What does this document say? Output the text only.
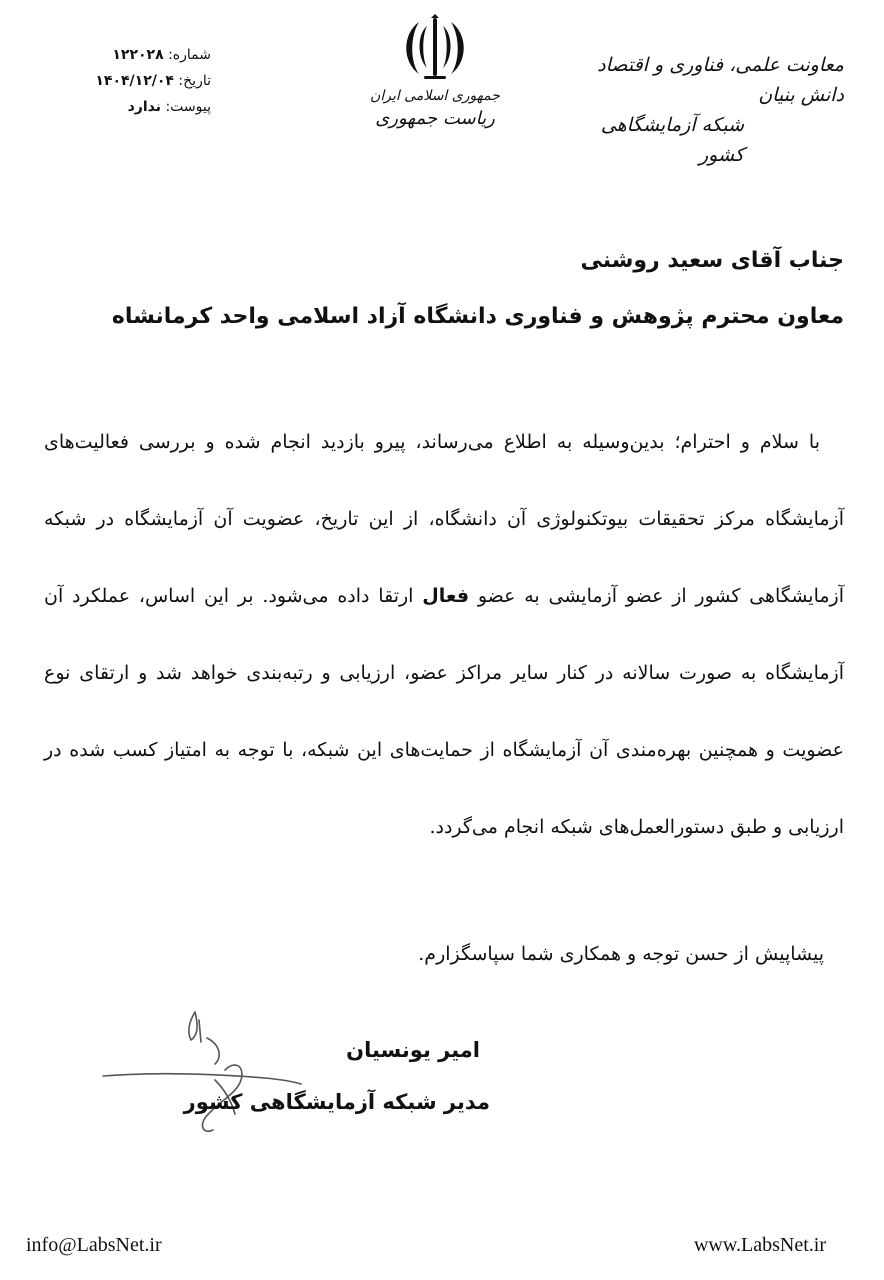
معاونت علمی، فناوری و اقتصاد دانش بنیان
شبکه آزمایشگاهی کشور
جمهوری اسلامی ایران
ریاست جمهوری
شماره: ۱۲۲۰۲۸
تاریخ: ۱۴۰۴/۱۲/۰۴
پیوست: ندارد
جناب آقای سعید روشنی
معاون محترم پژوهش و فناوری دانشگاه آزاد اسلامی واحد کرمانشاه

با سلام و احترام؛ بدین‌وسیله به اطلاع می‌رساند، پیرو بازدید انجام شده و بررسی فعالیت‌های آزمایشگاه مرکز تحقیقات بیوتکنولوژی آن دانشگاه، از این تاریخ، عضویت آن آزمایشگاه در شبکه آزمایشگاهی کشور از عضو آزمایشی به عضو فعال ارتقا داده می‌شود. بر این اساس، عملکرد آن آزمایشگاه به صورت سالانه در کنار سایر مراکز عضو، ارزیابی و رتبه‌بندی خواهد شد و ارتقای نوع عضویت و همچنین بهره‌مندی آن آزمایشگاه از حمایت‌های این شبکه، با توجه به امتیاز کسب شده در ارزیابی و طبق دستورالعمل‌های شبکه انجام می‌گردد.

پیشاپیش از حسن توجه و همکاری شما سپاسگزارم.
امیر یونسیان
مدیر شبکه آزمایشگاهی کشور
info@LabsNet.ir	www.LabsNet.ir
